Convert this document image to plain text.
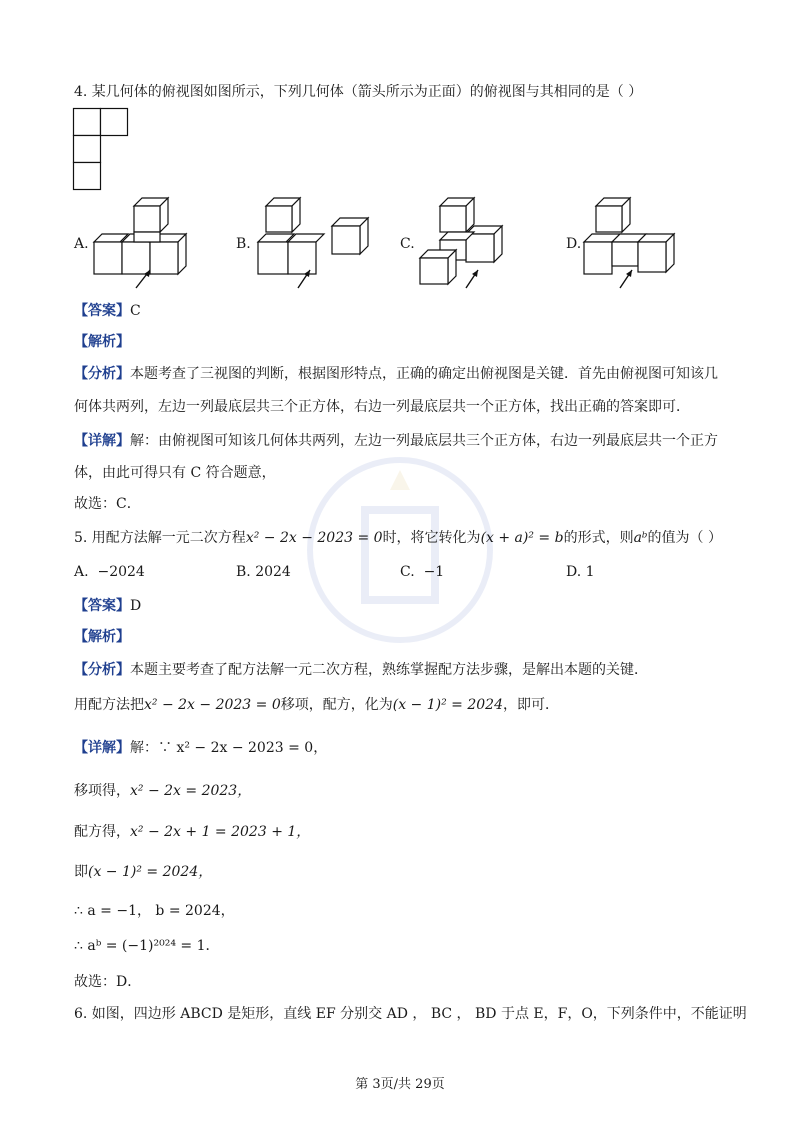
4. 某几何体的俯视图如图所示，下列几何体（箭头所示为正面）的俯视图与其相同的是（ ）
A.	B.	C.	D.
【答案】C
【解析】
【分析】本题考查了三视图的判断，根据图形特点，正确的确定出俯视图是关键．首先由俯视图可知该几
何体共两列，左边一列最底层共三个正方体，右边一列最底层共一个正方体，找出正确的答案即可．
【详解】解：由俯视图可知该几何体共两列，左边一列最底层共三个正方体，右边一列最底层共一个正方
体，由此可得只有 C 符合题意，
故选：C．
5. 用配方法解一元二次方程x² − 2x − 2023 = 0时，将它转化为(x + a)² = b的形式，则aᵇ的值为（ ）
A. −2024	B. 2024	C. −1	D. 1
【答案】D
【解析】
【分析】本题主要考查了配方法解一元二次方程，熟练掌握配方法步骤，是解出本题的关键．
用配方法把x² − 2x − 2023 = 0移项，配方，化为(x − 1)² = 2024，即可．
【详解】解：∵ x² − 2x − 2023 = 0，
移项得，x² − 2x = 2023，
配方得，x² − 2x + 1 = 2023 + 1，
即(x − 1)² = 2024，
∴ a = −1， b = 2024，
∴ aᵇ = (−1)²⁰²⁴ = 1．
故选：D．
6. 如图，四边形 ABCD 是矩形，直线 EF 分别交 AD ， BC ， BD 于点 E，F，O，下列条件中，不能证明
第 3页/共 29页
